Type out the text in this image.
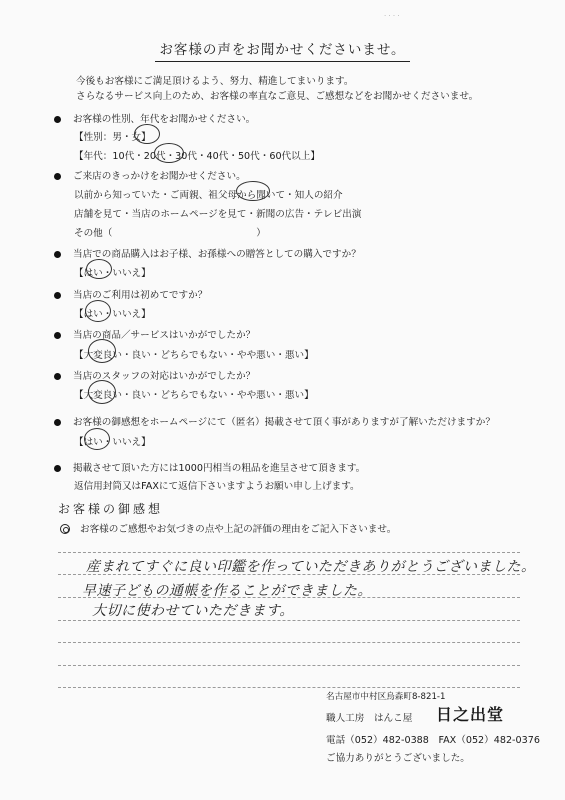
· · · ·
お客様の声をお聞かせくださいませ。
今後もお客様にご満足頂けるよう、努力、精進してまいります。
さらなるサービス向上のため、お客様の率直なご意見、ご感想などをお聞かせくださいませ。
お客様の性別、年代をお聞かせください。
【性別：男・女】
【年代：10代・20代・30代・40代・50代・60代以上】
ご来店のきっかけをお聞かせください。
以前から知っていた・ご両親、祖父母から聞いて・知人の紹介
店舗を見て・当店のホームページを見て・新聞の広告・テレビ出演
その他（　　　　　　　　　　　　　　　）
当店での商品購入はお子様、お孫様への贈答としての購入ですか？
【はい・いいえ】
当店のご利用は初めてですか？
【はい・いいえ】
当店の商品／サービスはいかがでしたか？
【大変良い・良い・どちらでもない・やや悪い・悪い】
当店のスタッフの対応はいかがでしたか？
【大変良い・良い・どちらでもない・やや悪い・悪い】
お客様の御感想をホームページにて（匿名）掲載させて頂く事がありますが了解いただけますか？
【はい・いいえ】
掲載させて頂いた方には1000円相当の粗品を進呈させて頂きます。
返信用封筒又はFAXにて返信下さいますようお願い申し上げます。
お客様の御感想
お客様のご感想やお気づきの点や上記の評価の理由をご記入下さいませ。
産まれてすぐに良い印鑑を作っていただきありがとうございました。
早速子どもの通帳を作ることができました。
大切に使わせていただきます。
名古屋市中村区烏森町8-821-1
職人工房　はんこ屋 日之出堂
電話（052）482-0388　FAX（052）482-0376
ご協力ありがとうございました。
